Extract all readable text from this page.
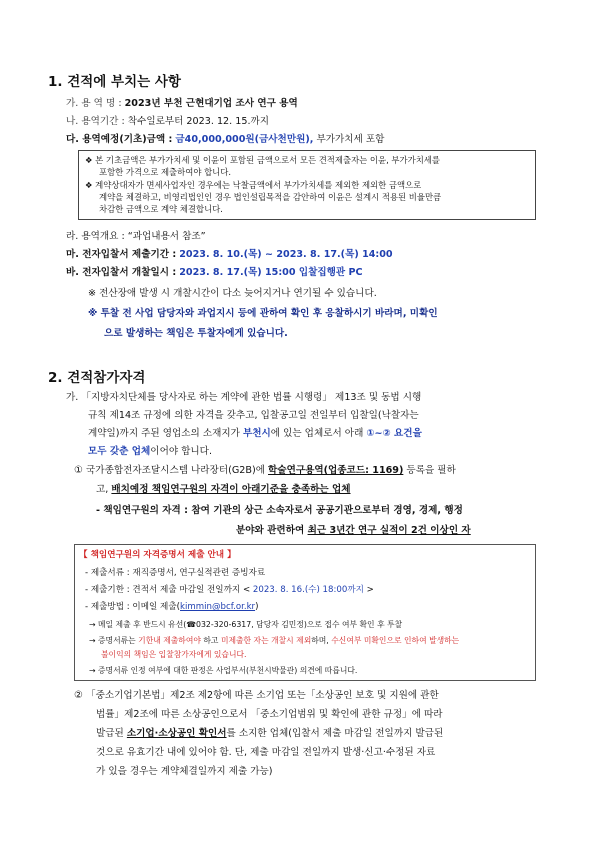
1. 견적에 부치는 사항
가. 용 역 명 : 2023년 부천 근현대기업 조사 연구 용역
나. 용역기간 : 착수일로부터 2023. 12. 15.까지
다. 용역예정(기초)금액 : 금40,000,000원(금사천만원), 부가가치세 포함
❖ 본 기초금액은 부가가치세 및 이윤이 포함된 금액으로서 모든 견적제출자는 이윤, 부가가치세를
포함한 가격으로 제출하여야 합니다.
❖ 계약상대자가 면세사업자인 경우에는 낙찰금액에서 부가가치세를 제외한 제외한 금액으로
계약을 체결하고, 비영리법인인 경우 법인설립목적을 감안하여 이윤은 설계시 적용된 비율만큼
차감한 금액으로 계약 체결합니다.
라. 용역개요 : “과업내용서 참조”
마. 전자입찰서 제출기간 : 2023. 8. 10.(목) ~ 2023. 8. 17.(목) 14:00
바. 전자입찰서 개찰일시 : 2023. 8. 17.(목) 15:00 입찰집행관 PC
※ 전산장애 발생 시 개찰시간이 다소 늦어지거나 연기될 수 있습니다.
※ 투찰 전 사업 담당자와 과업지시 등에 관하여 확인 후 응찰하시기 바라며, 미확인
으로 발생하는 책임은 투찰자에게 있습니다.
2. 견적참가자격
가. 「지방자치단체를 당사자로 하는 계약에 관한 법률 시행령」 제13조 및 동법 시행
규칙 제14조 규정에 의한 자격을 갖추고, 입찰공고일 전일부터 입찰일(낙찰자는
계약일)까지 주된 영업소의 소재지가 부천시에 있는 업체로서 아래 ①~② 요건을
모두 갖춘 업체이어야 합니다.
① 국가종합전자조달시스템 나라장터(G2B)에 학술연구용역(업종코드: 1169) 등록을 필하
고, 배치예정 책임연구원의 자격이 아래기준을 충족하는 업체
- 책임연구원의 자격 : 참여 기관의 상근 소속자로서 공공기관으로부터 경영, 경제, 행정
분야와 관련하여 최근 3년간 연구 실적이 2건 이상인 자
【 책임연구원의 자격증명서 제출 안내 】
- 제출서류 : 재직증명서, 연구실적관련 증빙자료
- 제출기한 : 견적서 제출 마감일 전일까지 < 2023. 8. 16.(수) 18:00까지 >
- 제출방법 : 이메일 제출(kimmin@bcf.or.kr)
→ 메일 제출 후 반드시 유선(☎032-320-6317, 담당자 김민정)으로 접수 여부 확인 후 투찰
→ 증명서류는 기한내 제출하여야 하고 미제출한 자는 개찰시 제외하며, 수신여부 미확인으로 인하여 발생하는
불이익의 책임은 입찰참가자에게 있습니다.
→ 증명서류 인정 여부에 대한 판정은 사업부서(부천시박물관) 의견에 따릅니다.
② 「중소기업기본법」제2조 제2항에 따른 소기업 또는「소상공인 보호 및 지원에 관한
법률」제2조에 따른 소상공인으로서 「중소기업범위 및 확인에 관한 규정」에 따라
발급된 소기업·소상공인 확인서를 소지한 업체(입찰서 제출 마감일 전일까지 발급된
것으로 유효기간 내에 있어야 함. 단, 제출 마감일 전일까지 발생·신고·수정된 자료
가 있을 경우는 계약체결일까지 제출 가능)
